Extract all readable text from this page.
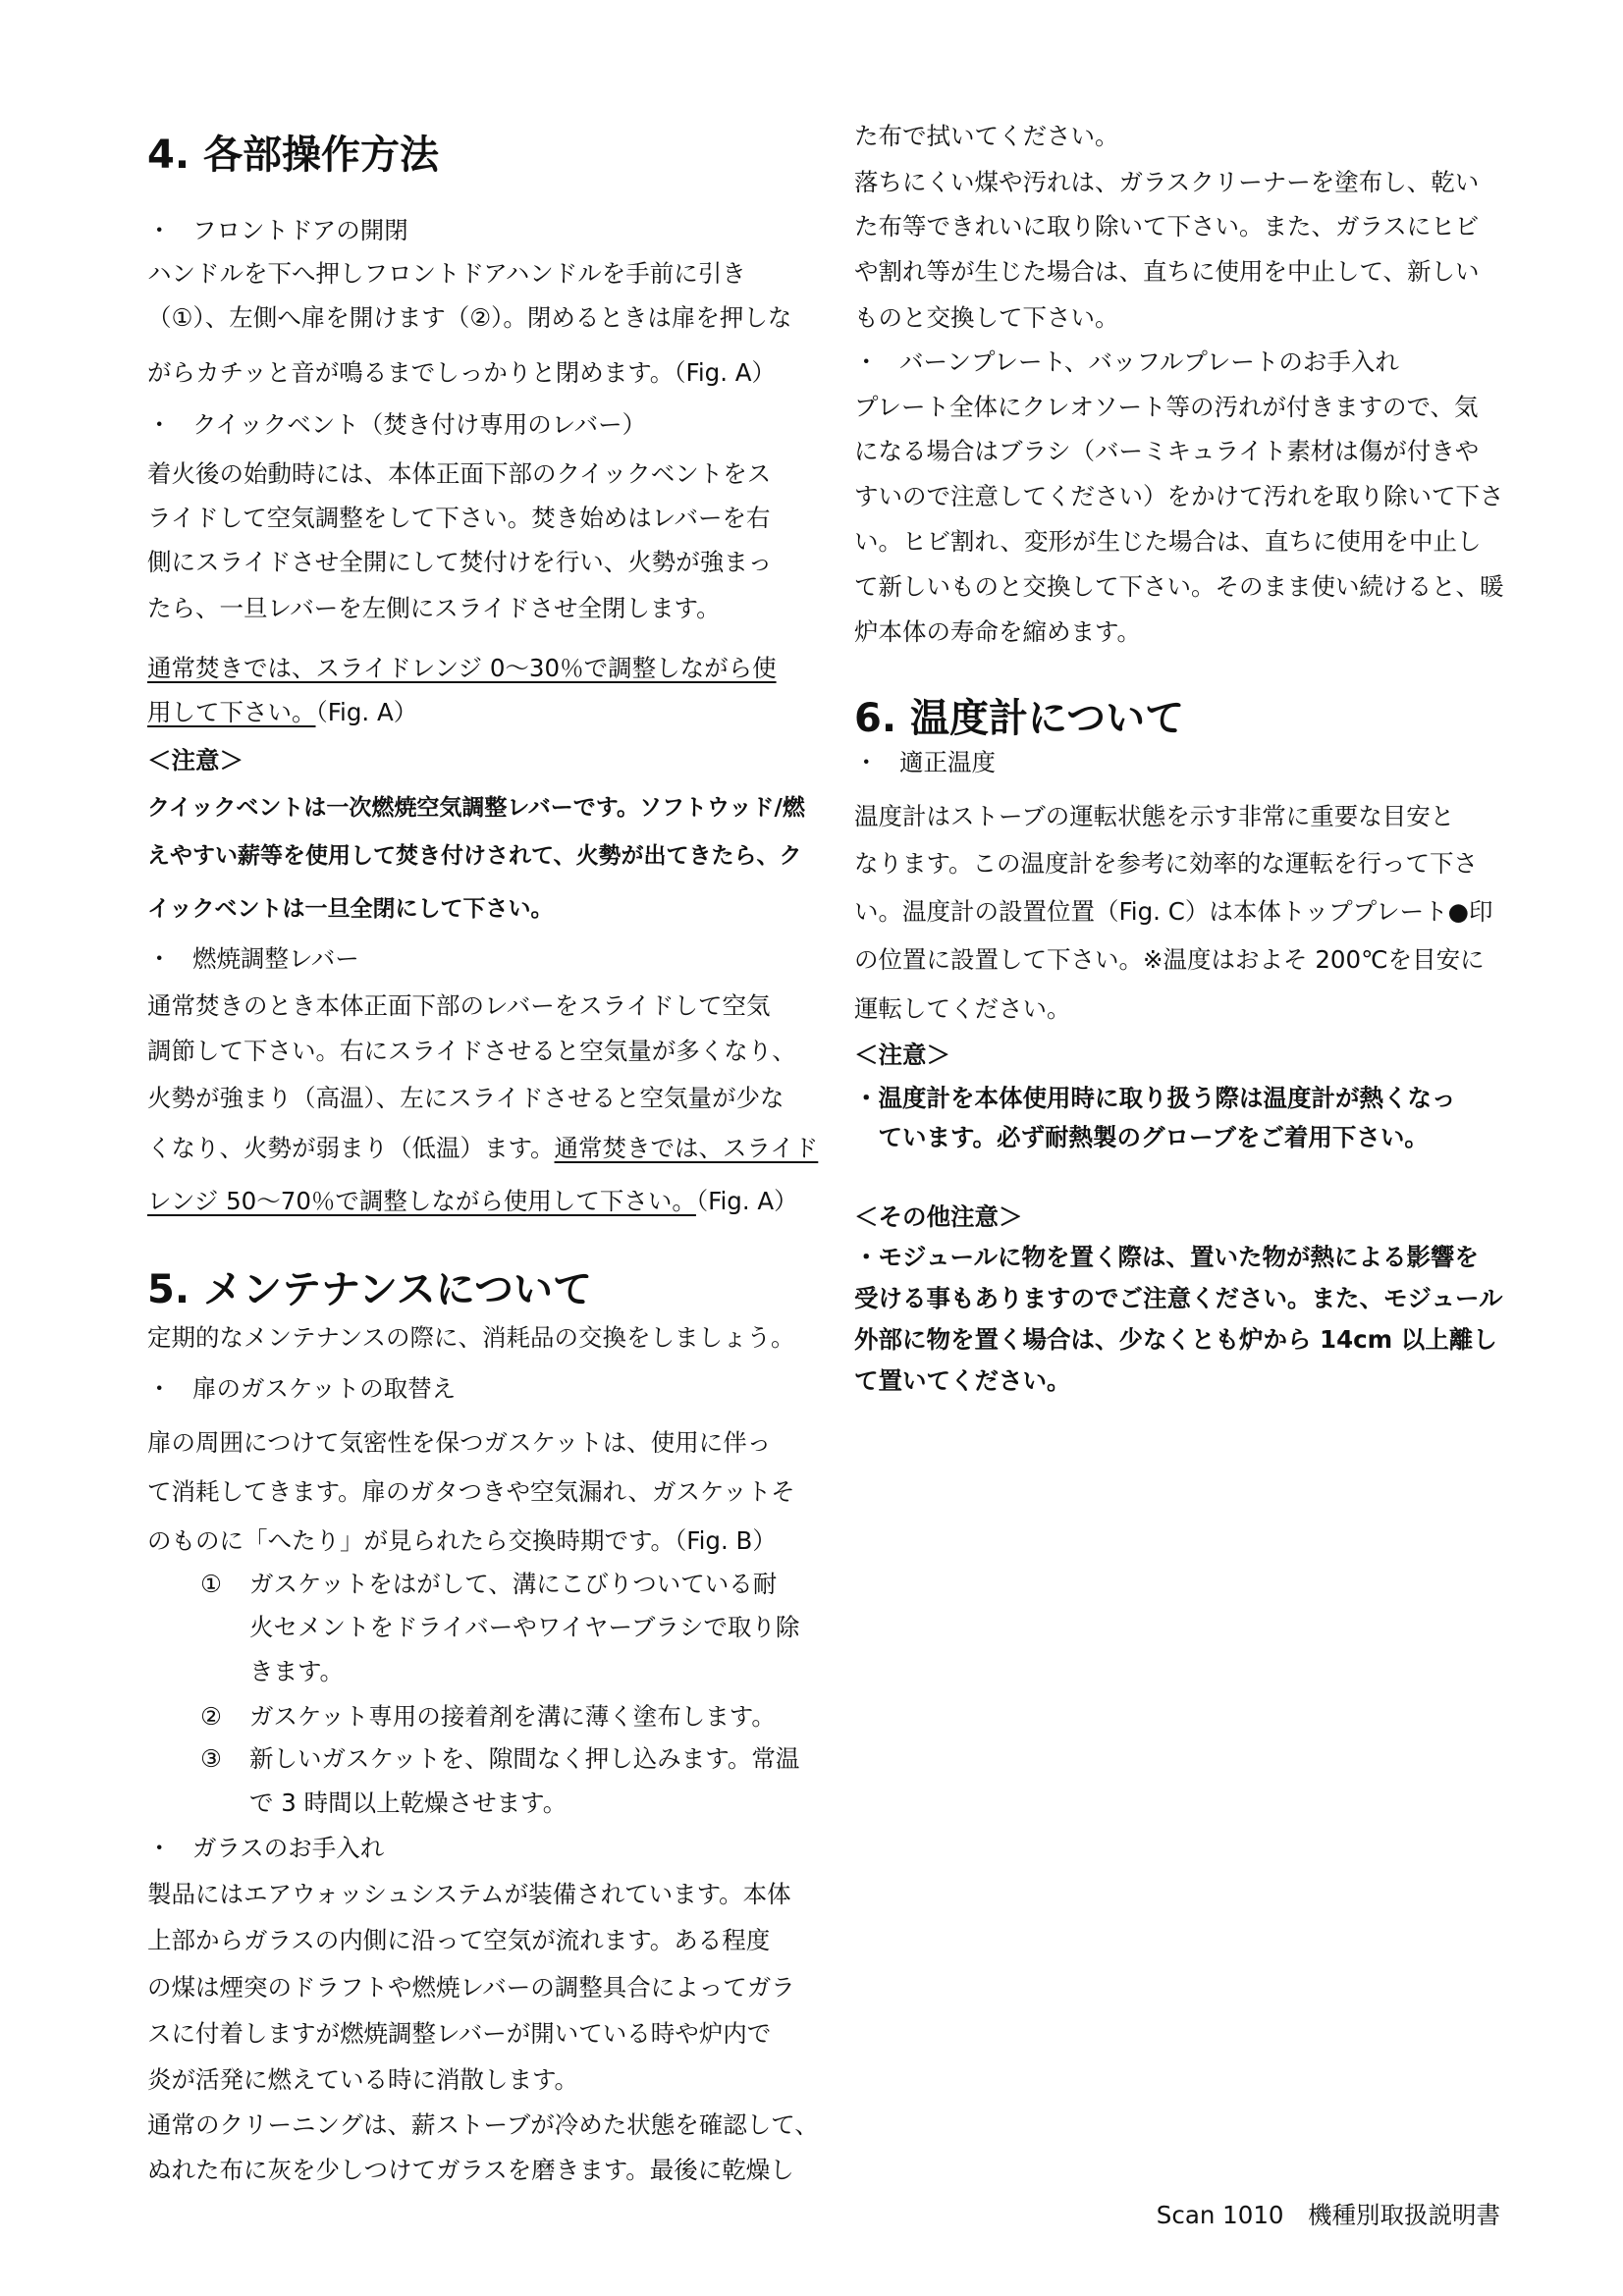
4. 各部操作方法

・ フロントドアの開閉

ハンドルを下へ押しフロントドアハンドルを手前に引き

（①）、左側へ扉を開けます（②）。閉めるときは扉を押しな

がらカチッと音が鳴るまでしっかりと閉めます。（Fig. A）

・ クイックベント（焚き付け専用のレバー）

着火後の始動時には、本体正面下部のクイックベントをス

ライドして空気調整をして下さい。焚き始めはレバーを右

側にスライドさせ全開にして焚付けを行い、火勢が強まっ

たら、一旦レバーを左側にスライドさせ全閉します。

通常焚きでは、スライドレンジ 0～30％で調整しながら使

用して下さい。（Fig. A）

＜注意＞

クイックベントは一次燃焼空気調整レバーです。ソフトウッド/燃

えやすい薪等を使用して焚き付けされて、火勢が出てきたら、ク

イックベントは一旦全閉にして下さい。

・ 燃焼調整レバー

通常焚きのとき本体正面下部のレバーをスライドして空気

調節して下さい。右にスライドさせると空気量が多くなり、

火勢が強まり（高温）、左にスライドさせると空気量が少な

くなり、火勢が弱まり（低温）ます。通常焚きでは、スライド

レンジ 50～70％で調整しながら使用して下さい。（Fig. A）

5. メンテナンスについて

定期的なメンテナンスの際に、消耗品の交換をしましょう。

・ 扉のガスケットの取替え

扉の周囲につけて気密性を保つガスケットは、使用に伴っ

て消耗してきます。扉のガタつきや空気漏れ、ガスケットそ

のものに「へたり」が見られたら交換時期です。（Fig. B）

① ガスケットをはがして、溝にこびりついている耐

火セメントをドライバーやワイヤーブラシで取り除

きます。

② ガスケット専用の接着剤を溝に薄く塗布します。

③ 新しいガスケットを、隙間なく押し込みます。常温

で 3 時間以上乾燥させます。

・ ガラスのお手入れ

製品にはエアウォッシュシステムが装備されています。本体

上部からガラスの内側に沿って空気が流れます。ある程度

の煤は煙突のドラフトや燃焼レバーの調整具合によってガラ

スに付着しますが燃焼調整レバーが開いている時や炉内で

炎が活発に燃えている時に消散します。

通常のクリーニングは、薪ストーブが冷めた状態を確認して、

ぬれた布に灰を少しつけてガラスを磨きます。最後に乾燥し

た布で拭いてください。

落ちにくい煤や汚れは、ガラスクリーナーを塗布し、乾い

た布等できれいに取り除いて下さい。また、ガラスにヒビ

や割れ等が生じた場合は、直ちに使用を中止して、新しい

ものと交換して下さい。

・ バーンプレート、バッフルプレートのお手入れ

プレート全体にクレオソート等の汚れが付きますので、気

になる場合はブラシ（バーミキュライト素材は傷が付きや

すいので注意してください）をかけて汚れを取り除いて下さ

い。ヒビ割れ、変形が生じた場合は、直ちに使用を中止し

て新しいものと交換して下さい。そのまま使い続けると、暖

炉本体の寿命を縮めます。

6. 温度計について

・ 適正温度

温度計はストーブの運転状態を示す非常に重要な目安と

なります。この温度計を参考に効率的な運転を行って下さ

い。温度計の設置位置（Fig. C）は本体トッププレート●印

の位置に設置して下さい。※温度はおよそ 200℃を目安に

運転してください。

＜注意＞

・温度計を本体使用時に取り扱う際は温度計が熱くなっ

　ています。必ず耐熱製のグローブをご着用下さい。

＜その他注意＞

・モジュールに物を置く際は、置いた物が熱による影響を

受ける事もありますのでご注意ください。また、モジュール

外部に物を置く場合は、少なくとも炉から 14cm 以上離し

て置いてください。

Scan 1010　機種別取扱説明書
